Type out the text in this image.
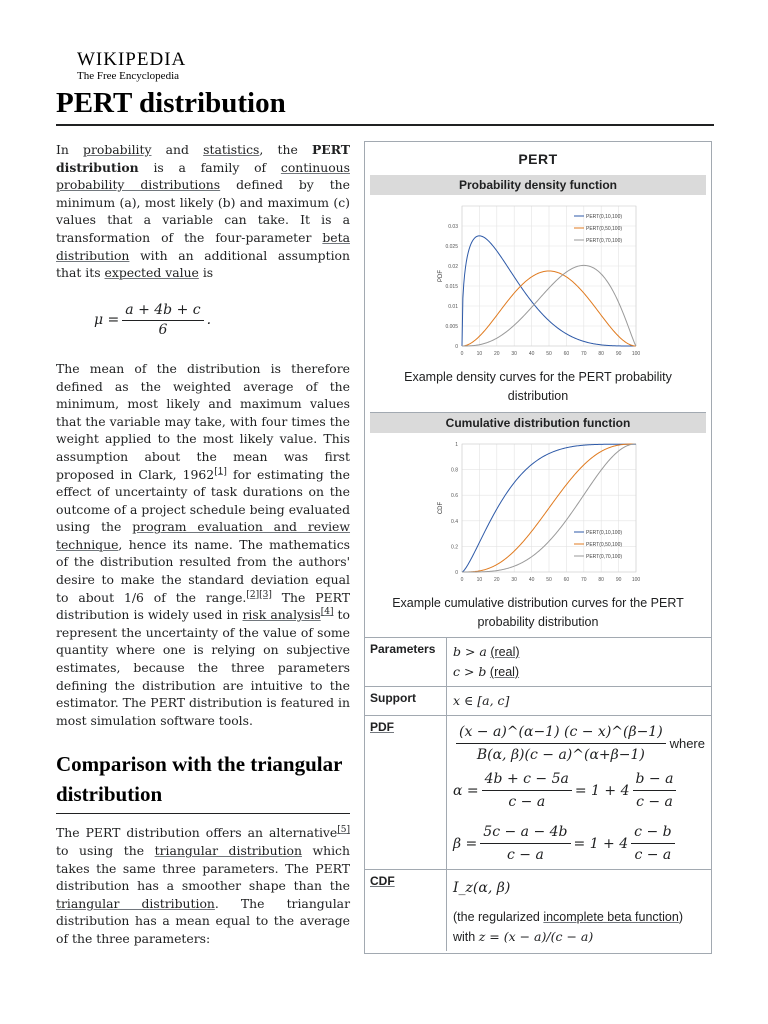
WIKIPEDIA
The Free Encyclopedia
PERT distribution

In probability and statistics, the PERT distribution is a family of continuous probability distributions defined by the minimum (a), most likely (b) and maximum (c) values that a variable can take. It is a transformation of the four-parameter beta distribution with an additional assumption that its expected value is

$\mu = \frac{a + 4b + c}{6}$ .

The mean of the distribution is therefore defined as the weighted average of the minimum, most likely and maximum values that the variable may take, with four times the weight applied to the most likely value. This assumption about the mean was first proposed in Clark, 1962[1] for estimating the effect of uncertainty of task durations on the outcome of a project schedule being evaluated using the program evaluation and review technique, hence its name. The mathematics of the distribution resulted from the authors' desire to make the standard deviation equal to about 1/6 of the range.[2][3] The PERT distribution is widely used in risk analysis[4] to represent the uncertainty of the value of some quantity where one is relying on subjective estimates, because the three parameters defining the distribution are intuitive to the estimator. The PERT distribution is featured in most simulation software tools.

Comparison with the triangular distribution

The PERT distribution offers an alternative[5] to using the triangular distribution which takes the same three parameters. The PERT distribution has a smoother shape than the triangular distribution. The triangular distribution has a mean equal to the average of the three parameters:

PERT
Probability density function
0	10 20 30 40 50 60 70 80 90 100
0
0.005
0.01
0.015
0.02
0.025
0.03
PDF
PERT(0,10,100)
PERT(0,50,100)
PERT(0,70,100)
Example density curves for the PERT probability distribution
Cumulative distribution function
0	10 20 30 40 50 60 70 80 90 100
0
0.2
0.4
0.6
0.8
1
CDF
PERT(0,10,100)
PERT(0,50,100)
PERT(0,70,100)
Example cumulative distribution curves for the PERT probability distribution
Parameters	b > a (real)
c > b (real)
Support	x ∈ [a, c]
PDF	$\frac{(x - a)\^{}(\alpha-1) (c - x)\^{}(\beta-1)}{B(\alpha, \beta)(c - a)\^{}(\alpha+\beta-1)}$ where
$\alpha = \frac{4b + c - 5a}{c - a} = 1 + 4 \frac{b - a}{c - a}$
$\beta = \frac{5c - a - 4b}{c - a} = 1 + 4 \frac{c - b}{c - a}$
CDF	I_z(α, β)
(the regularized incomplete beta function) with z = (x − a)/(c − a)
